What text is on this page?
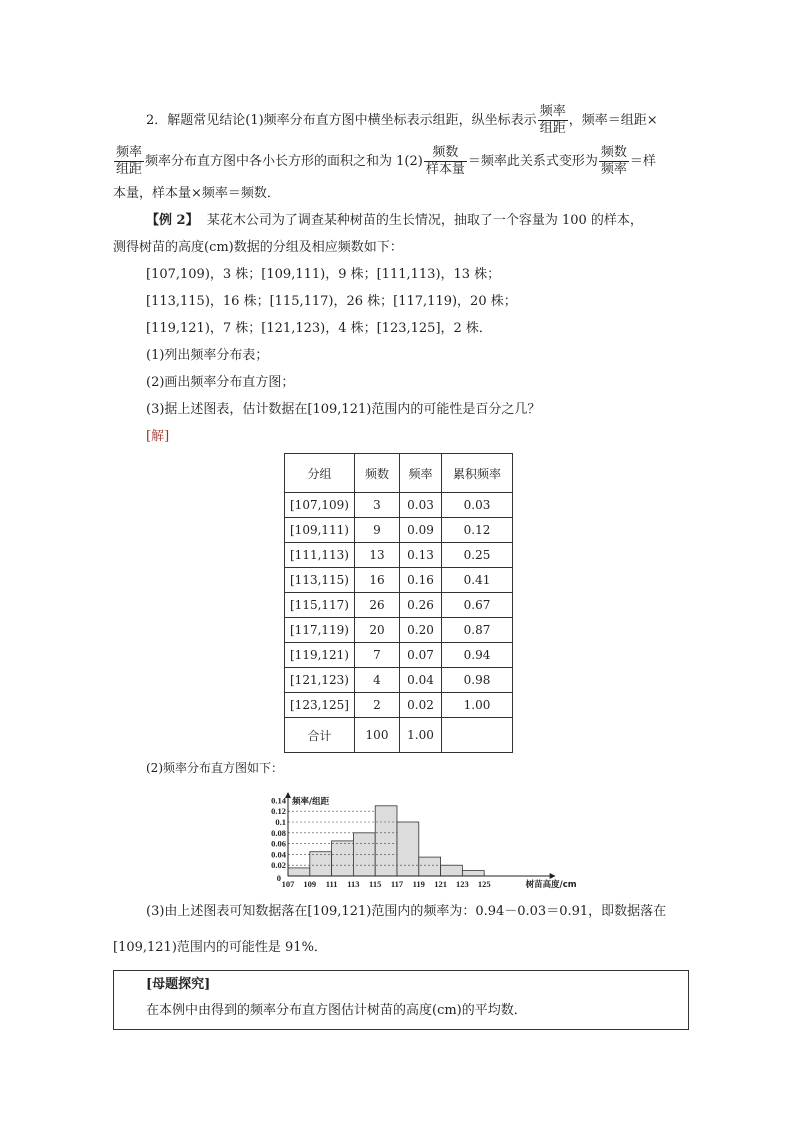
2．解题常见结论(1)频率分布直方图中横坐标表示组距，纵坐标表示 $\frac{\text{频率}}{\text{组距}}$ ，频率＝组距×
$\frac{\text{频率}}{\text{组距}}$ 频率分布直方图中各小长方形的面积之和为 $1(2) \frac{\text{频数}}{\text{样本量}}$ ＝频率此关系式变形为 $\frac{\text{频数}}{\text{频率}}$ ＝样
本量，样本量×频率＝频数．
【例 2】 某花木公司为了调查某种树苗的生长情况，抽取了一个容量为 100 的样本，
测得树苗的高度(cm)数据的分组及相应频数如下：
[107,109)，3 株；[109,111)，9 株；[111,113)，13 株；
[113,115)，16 株；[115,117)，26 株；[117,119)，20 株；
[119,121)，7 株；[121,123)，4 株；[123,125]，2 株．
(1)列出频率分布表；
(2)画出频率分布直方图；
(3)据上述图表，估计数据在[109,121)范围内的可能性是百分之几？
[解]
分组	频数	频率	累积频率
[107,109)	3	0.03	0.03
[109,111)	9	0.09	0.12
[111,113)	13	0.13	0.25
[113,115)	16	0.16	0.41
[115,117)	26	0.26	0.67
[117,119)	20	0.20	0.87
[119,121)	7	0.07	0.94
[121,123)	4	0.04	0.98
[123,125]	2	0.02	1.00
合计	100	1.00	
(2)频率分布直方图如下：
0.02
0.04
0.06
0.08
0.1
0.12
0.14
0
107 109 111 113 115 117 119 121 123 125
频率/组距
树苗高度/cm
(3)由上述图表可知数据落在[109,121)范围内的频率为：0.94－0.03＝0.91，即数据落在
[109,121)范围内的可能性是 91%．
[母题探究]
在本例中由得到的频率分布直方图估计树苗的高度(cm)的平均数．
